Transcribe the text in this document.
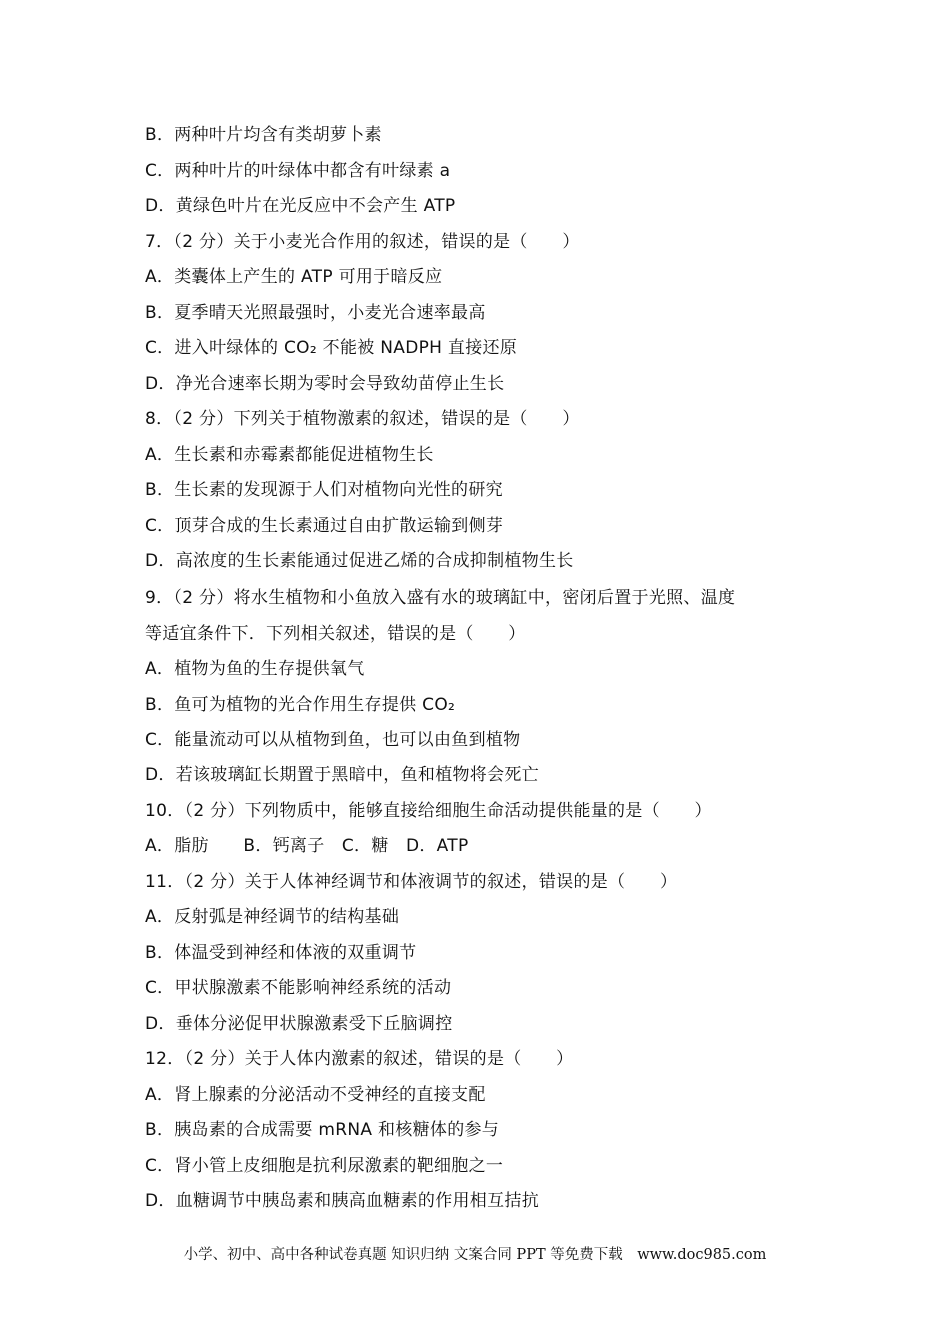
B．两种叶片均含有类胡萝卜素
C．两种叶片的叶绿体中都含有叶绿素 a
D．黄绿色叶片在光反应中不会产生 ATP
7．（2 分）关于小麦光合作用的叙述，错误的是（　　）
A．类囊体上产生的 ATP 可用于暗反应
B．夏季晴天光照最强时，小麦光合速率最高
C．进入叶绿体的 CO₂ 不能被 NADPH 直接还原
D．净光合速率长期为零时会导致幼苗停止生长
8．（2 分）下列关于植物激素的叙述，错误的是（　　）
A．生长素和赤霉素都能促进植物生长
B．生长素的发现源于人们对植物向光性的研究
C．顶芽合成的生长素通过自由扩散运输到侧芽
D．高浓度的生长素能通过促进乙烯的合成抑制植物生长
9．（2 分）将水生植物和小鱼放入盛有水的玻璃缸中，密闭后置于光照、温度
等适宜条件下．下列相关叙述，错误的是（　　）
A．植物为鱼的生存提供氧气
B．鱼可为植物的光合作用生存提供 CO₂
C．能量流动可以从植物到鱼，也可以由鱼到植物
D．若该玻璃缸长期置于黑暗中，鱼和植物将会死亡
10．（2 分）下列物质中，能够直接给细胞生命活动提供能量的是（　　）
A．脂肪　　B．钙离子　C．糖　D．ATP
11．（2 分）关于人体神经调节和体液调节的叙述，错误的是（　　）
A．反射弧是神经调节的结构基础
B．体温受到神经和体液的双重调节
C．甲状腺激素不能影响神经系统的活动
D．垂体分泌促甲状腺激素受下丘脑调控
12．（2 分）关于人体内激素的叙述，错误的是（　　）
A．肾上腺素的分泌活动不受神经的直接支配
B．胰岛素的合成需要 mRNA 和核糖体的参与
C．肾小管上皮细胞是抗利尿激素的靶细胞之一
D．血糖调节中胰岛素和胰高血糖素的作用相互拮抗
小学、初中、高中各种试卷真题 知识归纳 文案合同 PPT 等免费下载　www.doc985.com
